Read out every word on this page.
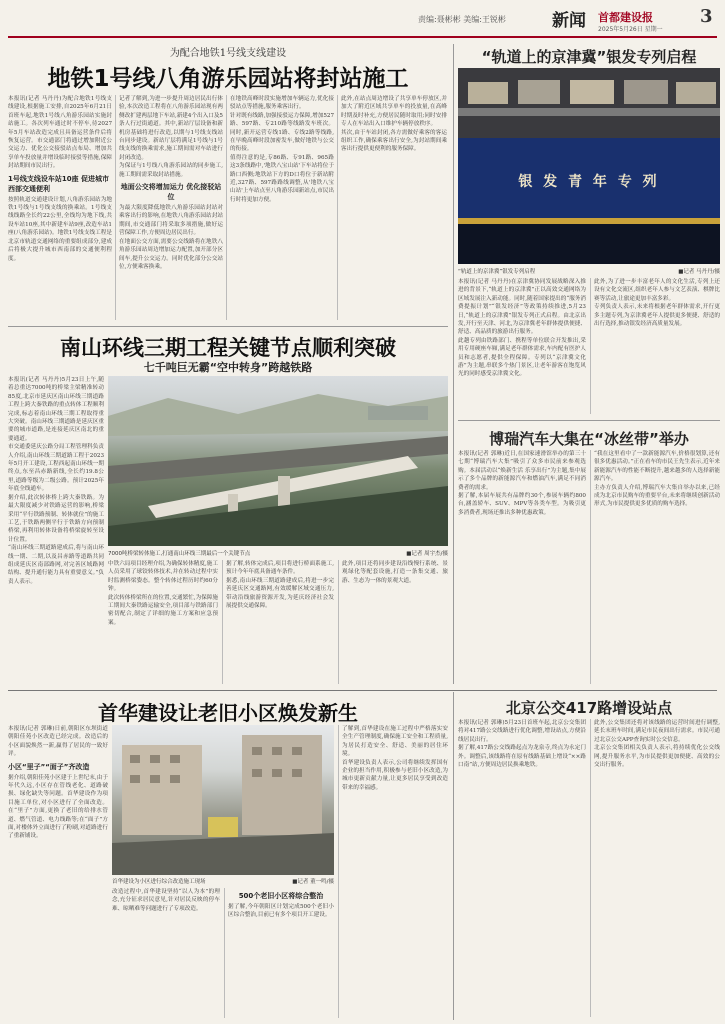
责编:聂彬彬 美编:王锐彬	新闻 首都建设报
2025年5月26日 星期一
3
为配合地铁1号线支线建设
地铁1号线八角游乐园站将封站施工
本报讯(记者 马丹丹)为配合地铁1号线支线建设,根据施工安排,自2025年6月21日首班车起,地铁1号线八角游乐园站实施封站施工。各次列车通过时不停车,待2027年5月车站改造完成且具备运营条件后将恢复运营。市交通部门将通过增加附近公交运力、优化公交接驳站点布局、增加共享单车投放量并增设临时接驳等措施,保障封站期间市民出行。
1号线支线设车站10座 促进城市西部交通便利
按照轨道交通建设计划,八角游乐园站为地铁1号线与1号线支线的换乘站。1号线支线线路全长约22公里,全线均为地下线,共设车站10座,其中新建车站9座,改造车站1座(八角游乐园站)。地铁1号线支线工程是北京市轨道交通网络的重要组成部分,建成后将极大提升城市西南部的交通便利程度。
记者了解到,为进一步提升周边居民出行体验,本次改造工程将在八角游乐园站现有两侧改扩建两层地下车站,新建4个出入口及5条人行过街通道。其中,新站厅层设备和新机房基础将进行改造,以期与1号线支线站台同步建设。新站厅层将满足1号线与1号线支线的换乘需求,施工期间需对车站进行封闭改造。
为保证与1号线八角游乐园站的同步施工,施工期间需采取封站措施。
地面公交将增加运力 优化接驳站位
为最大限度降低地铁八角游乐园站封站对乘客出行的影响,在地铁八角游乐园站封站期间,市交通部门将采取多项措施,做好运营保障工作,方便周边居民出行。
在地面公交方面,需要公交线路将在地铁八角游乐园站周边增加运力配置,加开部分区间车,提升公交运力。同时优化部分公交站位,方便乘客换乘。
在地铁高峰时段实施增加车辆运力,优化接驳站点等措施,服务乘客出行。
针对既有线路,加强接驳运力保障,增加527路、597路、专210路等线路发车班次。同时,新开运营专线1路、专线2路等线路,在早晚高峰时段加密发车,做好地铁与公交的衔接。
值得注意的是,专86路、专91路、965路这3条线路中,'地铁八宝山站'下车站将位于路口西侧;地铁站下方的D口将位于新站附近,327路、597路路线调整,从'地铁八宝山站'上车站点至八角游乐园新站点,市民出行时将更加方便。
此外,在站点周边增设了共享单车停放区,并加大了附近区域共享单车的投放量,在高峰时期及时补充,方便居民随时取用;同时安排专人在车站出入口维护车辆停放秩序。
其次,由于车站封闭,各方需做好乘客的客运组织工作,确保乘客出行安全,为封站期间乘客出行提供更便利的服务保障。
“轨道上的京津冀”银发专列启程
银 发 青 年 专 列
“轨道上的京津冀”银发专列启程	■记者 马丹丹/摄
本报讯(记者 马丹丹)在京津冀协同发展战略深入推进的背景下,“轨道上的京津冀”正以高效交通网络为区域发展注入新动能。同时,随着国家提出的“服务消费提振计划”“银发经济”等政策持续推进,5月23日,“轨道上的京津冀”银发专列正式启程。由北京出发,开行至天津、河北,为京津冀老年群体提供便捷、舒适、高品质的旅游出行服务。
此趟专列由铁路部门、携程等单位联合开发推出,采用专用硬座车厢,满足老年群体需求,车内配有医护人员和志愿者,提供全程保障。专列以“京津冀文化游”为主题,串联多个热门景区,让老年游客在饱览风光的同时感受京津冀文化。
此外,为了进一步丰富老年人的文化生活,专列上还设有文化交流区,组织老年人参与文艺表演、棋牌比赛等活动,让旅途更加丰富多彩。
专列负责人表示,未来将根据老年群体需求,开行更多主题专列,为京津冀老年人提供更多便捷、舒适的出行选择,推动银发经济高质量发展。
南山环线三期工程关键节点顺利突破
七千吨巨无霸“空中转身”跨越铁路
本报讯(记者 马丹丹)5月23日上午,随着总重达7000吨的桥梁主梁精准转动85度,北京市延庆区南山环线三期道路工程上跨大秦铁路的重点转体工程顺利完成,标志着南山环线三期工程取得重大突破。南山环线三期道路是延庆区重要的城市道路,是连接延庆区南北的重要通道。
市交通委延庆公路分局工程管理科负责人介绍,南山环线三期道路工程于2023年5月开工建设,工程西起南山环线一期终点,东至昌赤路新线,全长约19.8公里,道路等级为二级公路。预计2025年年底全线通车。
据介绍,此次转体桥上跨大秦铁路。为最大限度减少对铁路运营的影响,桥梁采用“平行铁路预制、转体就位”的施工工艺,于铁路两侧平行于铁路方向预制桥梁,再利用转体设备将桥梁旋转至设计位置。
“南山环线三期道路建成后,将与南山环线一期、二期,以及昌赤路等道路共同组成延庆区南部路网,对完善区域路网结构、提升通行能力具有重要意义。”负责人表示。
7000吨桥梁转体施工,打通南山环线三期最后一个关键节点	■记者 周宇杰/摄
中铁六局项目经理介绍,为确保转体精度,施工人员采用了球铰转体技术,并在转动过程中实时监测桥梁姿态。整个转体过程历时约60分钟。
此次转体桥梁所在的位置,交通繁忙,为保障施工期间大秦铁路运输安全,项目部与铁路部门密切配合,制定了详细的施工方案和应急预案。
据了解,转体完成后,项目将进行桥面系施工,预计今年年底具备通车条件。
据悉,南山环线三期道路建成后,将进一步完善延庆区交通路网,有效缓解区域交通压力,带动沿线旅游资源开发,为延庆经济社会发展提供交通保障。
此外,项目还将同步建设沿线慢行系统、景观绿化等配套设施,打造一条集交通、旅游、生态为一体的景观大道。
博瑞汽车大集在“冰丝带”举办
本报讯(记者 郭琳)近日,在国家速滑馆举办的第三十七期“博瑞汽车大集”吸引了众多市民前来参观选购。本届活动以“焕新生活 乐享出行”为主题,集中展示了多个品牌的新能源汽车和燃油汽车,满足不同消费者的需求。
据了解,本届车展共有品牌约30个,参展车辆约800台,涵盖轿车、SUV、MPV等各类车型。为吸引更多消费者,现场还推出多种优惠政策。
“我在这里看中了一款新能源汽车,价格很划算,还有很多优惠活动。”正在看车的市民王先生表示,近年来新能源汽车的性能不断提升,越来越多的人选择新能源汽车。
主办方负责人介绍,博瑞汽车大集自举办以来,已经成为北京市民购车的重要平台,未来将继续创新活动形式,为市民提供更多优质的购车选择。
首华建设让老旧小区焕发新生
本报讯(记者 郭琳)日前,朝阳区东坝街道朝阳佳苑小区改造已经完成。改造后的小区面貌焕然一新,赢得了居民的一致好评。
小区“里子”“面子”齐改造
据介绍,朝阳佳苑小区建于上世纪末,由于年代久远,小区存在管线老化、道路破损、绿化缺失等问题。首华建设作为项目施工单位,对小区进行了全面改造。在“里子”方面,更换了老旧的给排水管道、燃气管道、电力线路等;在“面子”方面,对楼体外立面进行了粉刷,对道路进行了重新铺设。
首华建设为小区进行综合改造施工现场	■记者 董一鸣/摄
改造过程中,首华建设坚持“以人为本”的理念,充分征求居民意见,针对居民反映的停车难、晾晒难等问题进行了专项改造。
500个老旧小区将综合整治
据了解,今年朝阳区计划完成500个老旧小区综合整治,目前已有多个项目开工建设。
了解到,首华建设在施工过程中严格落实安全生产管理制度,确保施工安全和工程质量,为居民打造安全、舒适、美丽的居住环境。
首华建设负责人表示,公司将继续发挥国有企业的担当作用,积极参与老旧小区改造,为城市更新贡献力量,让更多居民享受到改造带来的幸福感。
北京公交417路增设站点
本报讯(记者 郭琳)5月23日首班车起,北京公交集团将对417路公交线路进行优化调整,增设站点,方便沿线居民出行。
据了解,417路公交线路起点为龙泉寺,终点为永定门外。调整后,该线路将在原有线路基础上增设“××路口南”站,方便周边居民换乘地铁。
此外,公交集团还将对该线路的运营时间进行调整,延长末班车时间,满足市民夜间出行需求。市民可通过北京公交APP查询实时公交信息。
北京公交集团相关负责人表示,将持续优化公交线网,提升服务水平,为市民提供更加便捷、高效的公交出行服务。
